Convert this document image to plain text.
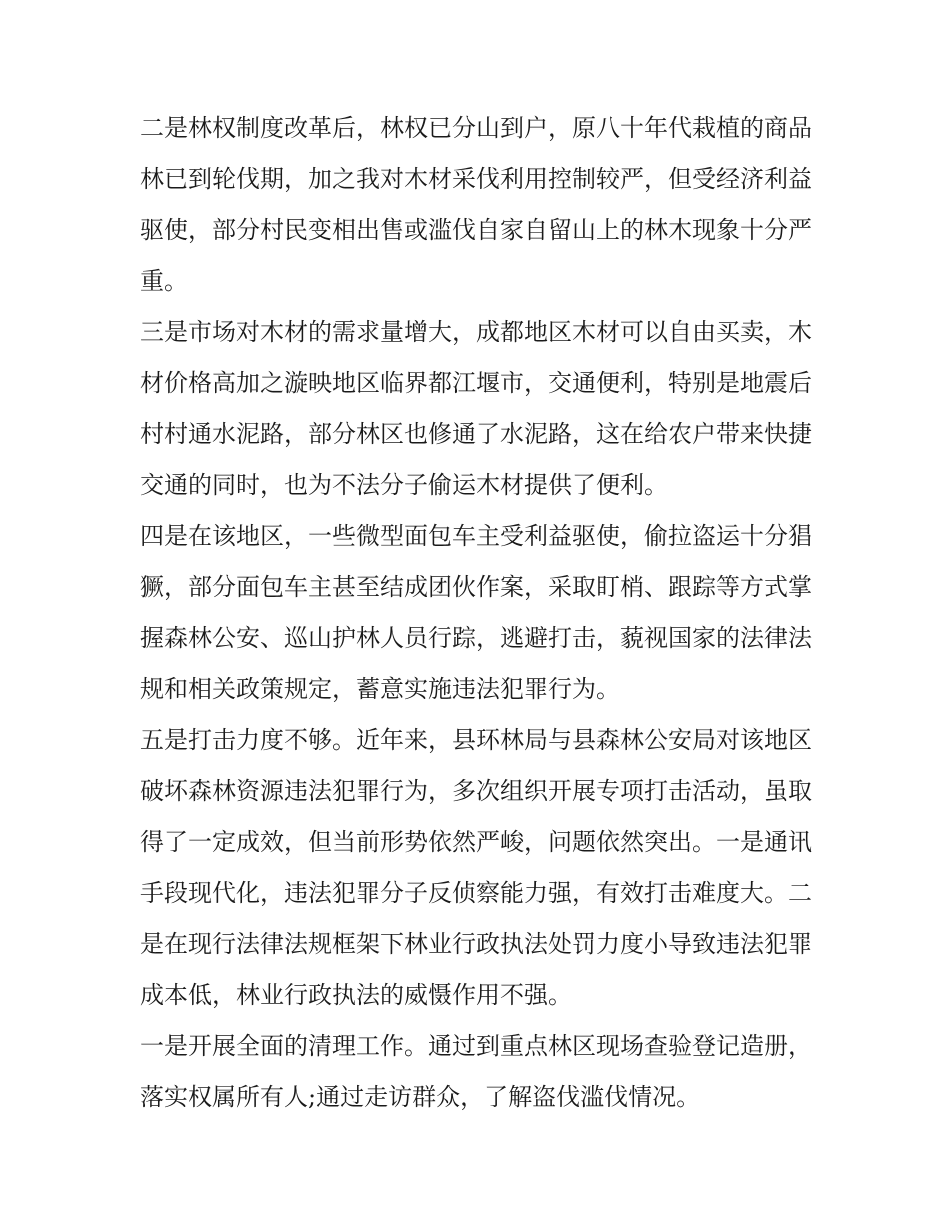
二是林权制度改革后，林权已分山到户，原八十年代栽植的商品林已到轮伐期，加之我对木材采伐利用控制较严，但受经济利益驱使，部分村民变相出售或滥伐自家自留山上的林木现象十分严重。

三是市场对木材的需求量增大，成都地区木材可以自由买卖，木材价格高加之漩映地区临界都江堰市，交通便利，特别是地震后村村通水泥路，部分林区也修通了水泥路，这在给农户带来快捷交通的同时，也为不法分子偷运木材提供了便利。

四是在该地区，一些微型面包车主受利益驱使，偷拉盗运十分猖獗，部分面包车主甚至结成团伙作案，采取盯梢、跟踪等方式掌握森林公安、巡山护林人员行踪，逃避打击，藐视国家的法律法规和相关政策规定，蓄意实施违法犯罪行为。

五是打击力度不够。近年来，县环林局与县森林公安局对该地区破坏森林资源违法犯罪行为，多次组织开展专项打击活动，虽取得了一定成效，但当前形势依然严峻，问题依然突出。一是通讯手段现代化，违法犯罪分子反侦察能力强，有效打击难度大。二是在现行法律法规框架下林业行政执法处罚力度小导致违法犯罪成本低，林业行政执法的威慑作用不强。

一是开展全面的清理工作。通过到重点林区现场查验登记造册，落实权属所有人;通过走访群众，了解盗伐滥伐情况。
